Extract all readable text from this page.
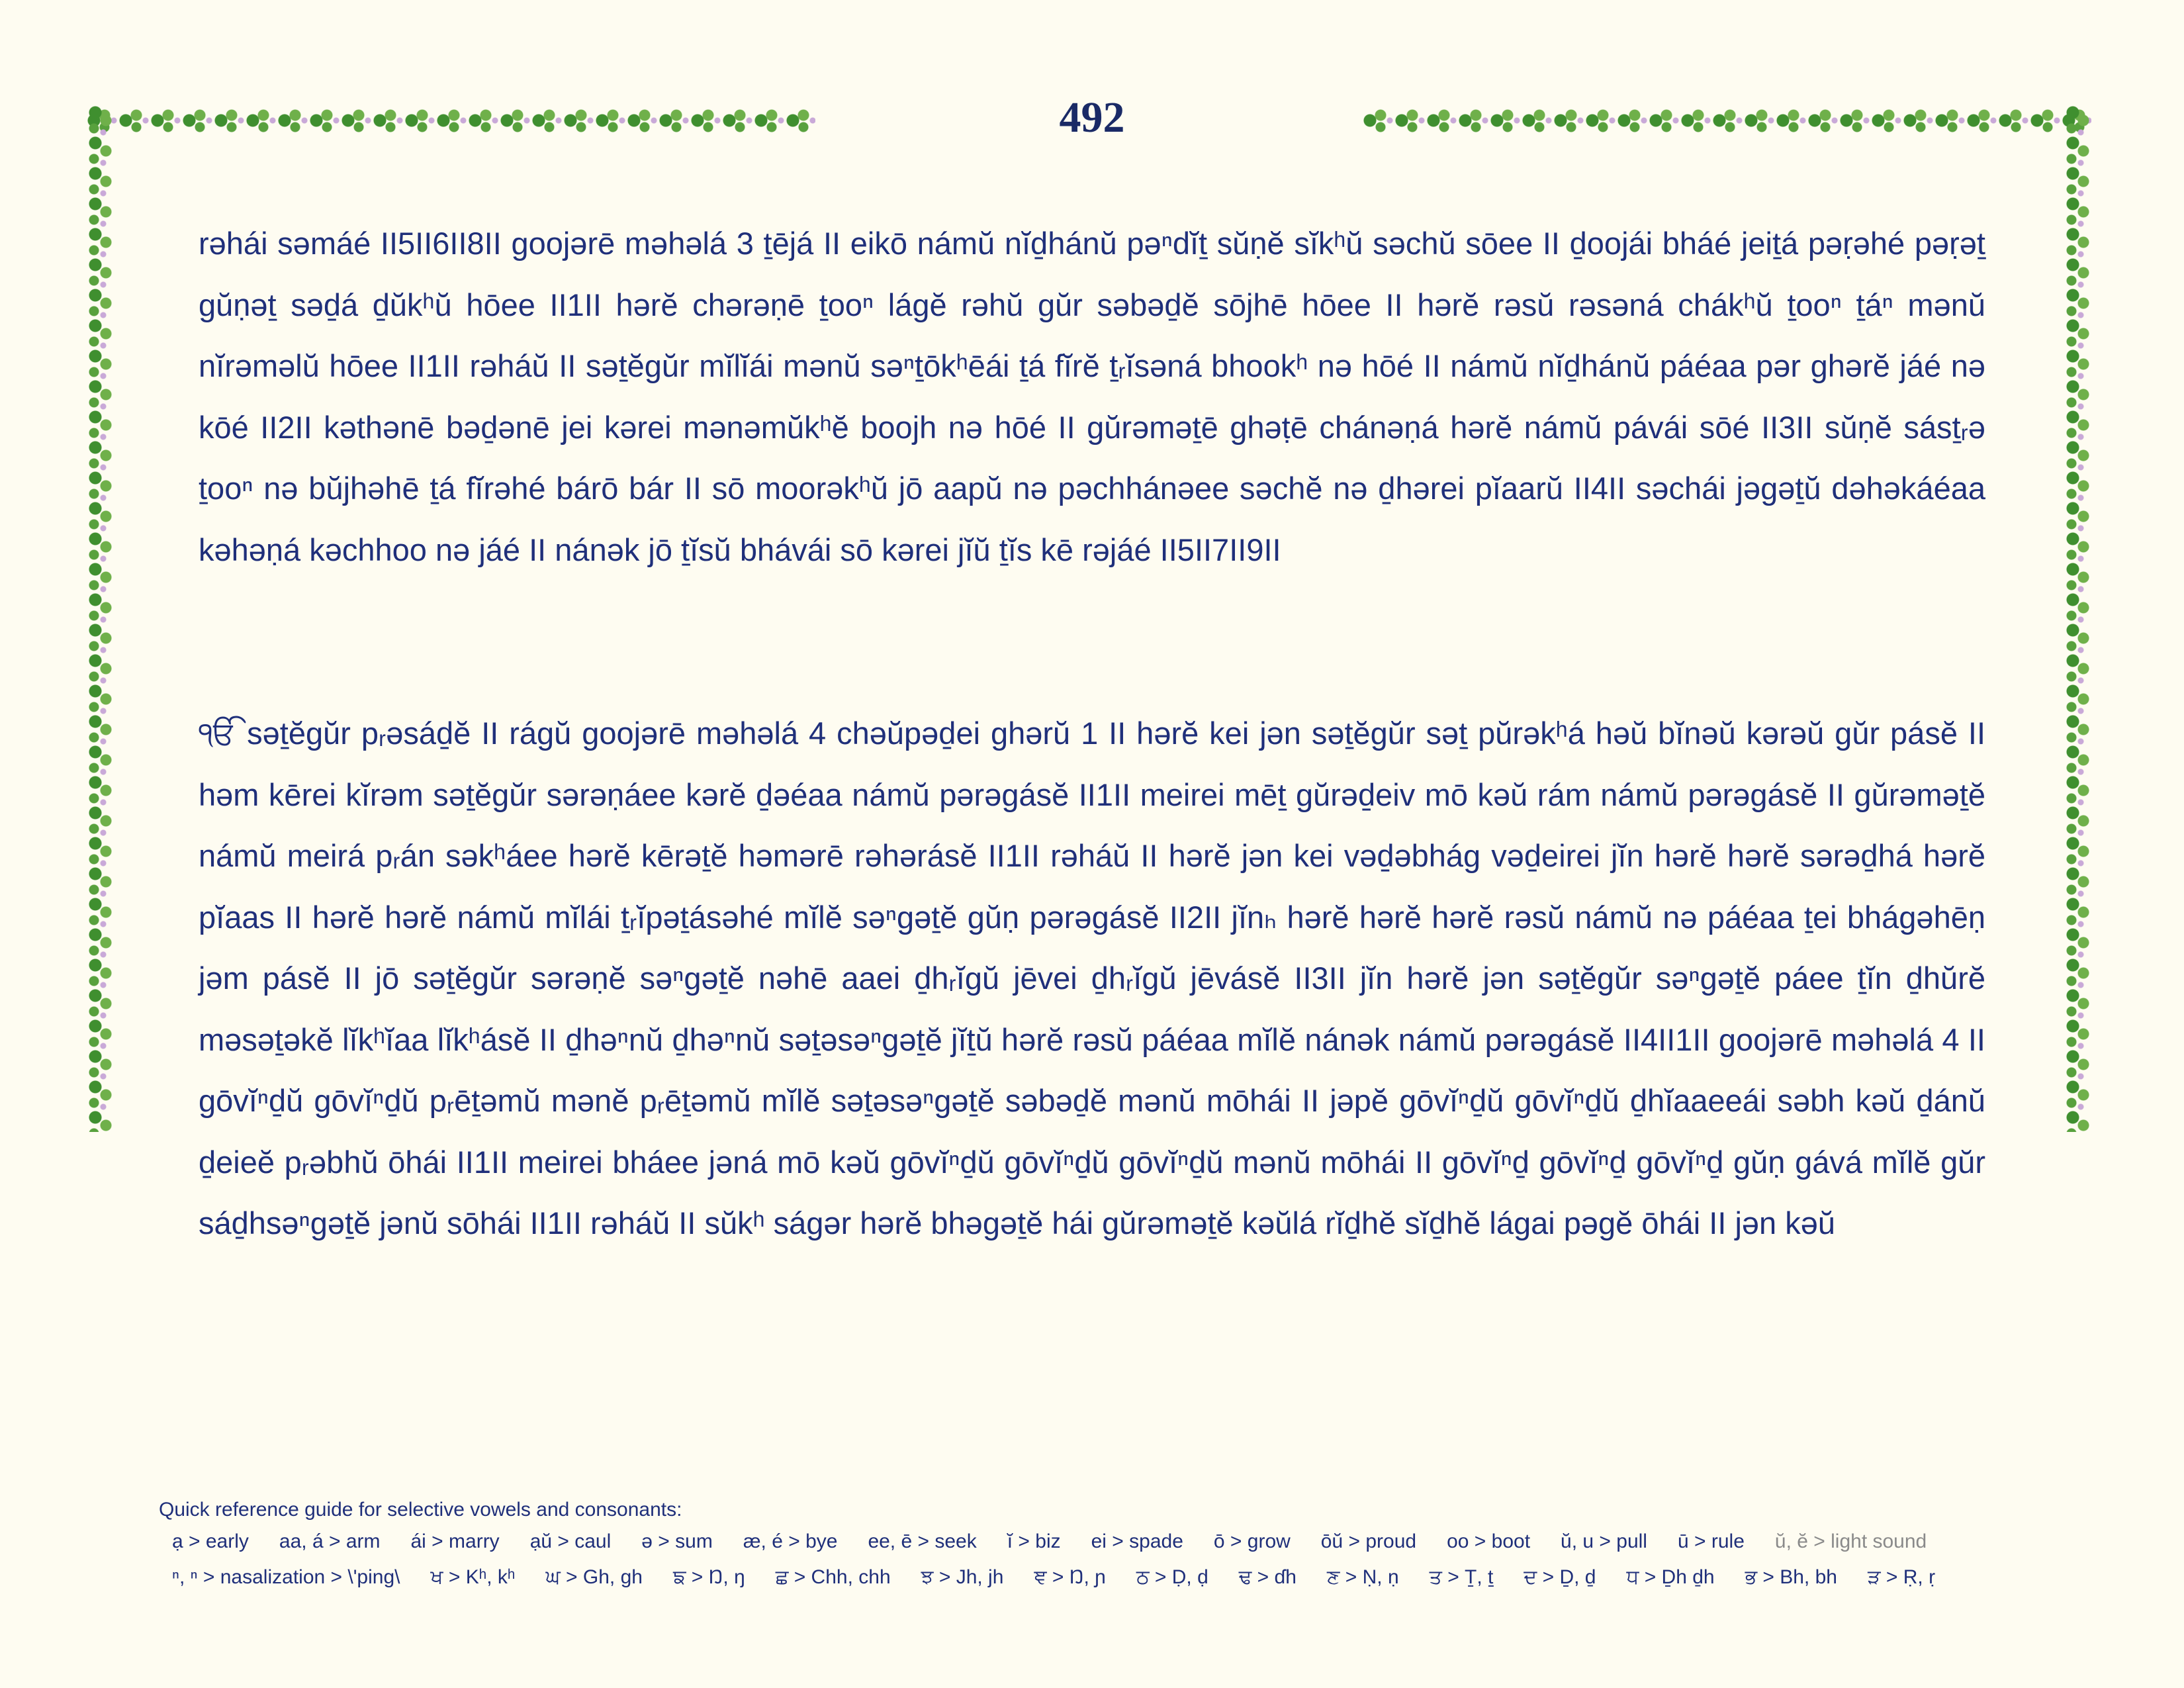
492
rəhái səmáé II5II6II8II goojərē məhəlá 3 ṯējá II eikō námŭ nĭḏhánŭ pəⁿdĭṯ sŭṇĕ sĭkʰŭ səchŭ sōee II ḏoojái bháé jeiṯá pəṛəhé pəṛəṯ gŭṇəṯ səḏá ḏŭkʰŭ hōee II1II hərĕ chərəṇē ṯooⁿ lágĕ rəhŭ gŭr səbəḏĕ sōjhē hōee II hərĕ rəsŭ rəsəná chákʰŭ ṯooⁿ ṯáⁿ mənŭ nĭrəməlŭ hōee II1II rəháŭ II səṯĕgŭr mĭlĭái mənŭ səⁿṯōkʰēái ṯá fĭrĕ ṯᵣĭsəná bhookʰ nə hōé II námŭ nĭḏhánŭ páéaa pər ghərĕ jáé nə kōé II2II kəthənē bəḏənē jei kərei mənəmŭkʰĕ boojh nə hōé II gŭrəməṯē ghəṭē chánəṇá hərĕ námŭ pávái sōé II3II sŭṇĕ sásṯᵣə ṯooⁿ nə bŭjhəhē ṯá fĭrəhé bárō bár II sō moorəkʰŭ jō aapŭ nə pəchhánəee səchĕ nə ḏhərei pĭaarŭ II4II səchái jəgəṯŭ dəhəkáéaa kəhəṇá kəchhoo nə jáé II nánək jō ṯĭsŭ bhávái sō kərei jĭŭ ṯĭs kē rəjáé II5II7II9II
ੴ səṯĕgŭr pᵣəsáḏĕ II rágŭ goojərē məhəlá 4 chəŭpəḏei ghərŭ 1 II hərĕ kei jən səṯĕgŭr səṯ pŭrəkʰá həŭ bĭnəŭ kərəŭ gŭr pásĕ II həm kērei kĭrəm səṯĕgŭr sərəṇáee kərĕ ḏəéaa námŭ pərəgásĕ II1II meirei mēṯ gŭrəḏeiv mō kəŭ rám námŭ pərəgásĕ II gŭrəməṯĕ námŭ meirá pᵣán səkʰáee hərĕ kērəṯĕ həmərē rəhərásĕ II1II rəháŭ II hərĕ jən kei vəḏəbhág vəḏeirei jĭn hərĕ hərĕ sərəḏhá hərĕ pĭaas II hərĕ hərĕ námŭ mĭlái ṯᵣĭpəṯásəhé mĭlĕ səⁿgəṯĕ gŭṇ pərəgásĕ II2II jĭnₕ hərĕ hərĕ hərĕ rəsŭ námŭ nə páéaa ṯei bhágəhēṇ jəm pásĕ II jō səṯĕgŭr sərəṇĕ səⁿgəṯĕ nəhē aaei ḏhᵣĭgŭ jēvei ḏhᵣĭgŭ jēvásĕ II3II jĭn hərĕ jən səṯĕgŭr səⁿgəṯĕ páee ṯĭn ḏhŭrĕ məsəṯəkĕ lĭkʰĭaa lĭkʰásĕ II ḏhəⁿnŭ ḏhəⁿnŭ səṯəsəⁿgəṯĕ jĭṯŭ hərĕ rəsŭ páéaa mĭlĕ nánək námŭ pərəgásĕ II4II1II goojərē məhəlá 4 II gōvĭⁿḏŭ gōvĭⁿḏŭ pᵣēṯəmŭ mənĕ pᵣēṯəmŭ mĭlĕ səṯəsəⁿgəṯĕ səbəḏĕ mənŭ mōhái II jəpĕ gōvĭⁿḏŭ gōvĭⁿḏŭ ḏhĭaaeeái səbh kəŭ ḏánŭ ḏeieĕ pᵣəbhŭ ōhái II1II meirei bháee jəná mō kəŭ gōvĭⁿḏŭ gōvĭⁿḏŭ gōvĭⁿḏŭ mənŭ mōhái II gōvĭⁿḏ gōvĭⁿḏ gōvĭⁿḏ gŭṇ gává mĭlĕ gŭr sáḏhsəⁿgəṯĕ jənŭ sōhái II1II rəháŭ II sŭkʰ ságər hərĕ bhəgəṯĕ hái gŭrəməṯĕ kəŭlá rĭḏhĕ sĭḏhĕ lágai pəgĕ ōhái II jən kəŭ
Quick reference guide for selective vowels and consonants:
ạ > early aa, á > arm ái > marry ạŭ > caul ə > sum æ, é > bye ee, ē > seek ĭ > biz ei > spade ō > grow ōŭ > proud oo > boot ŭ, u > pull ū > rule ŭ, ĕ > light sound
ⁿ, ⁿ > nasalization > \'ping\ ਖ > Kʰ, kʰ ਘ > Gh, gh ਙ > Ŋ, ŋ ਛ > Chh, chh ਝ > Jh, jh ਞ > Ŋ, ɲ ਠ > Ḍ, ḍ ਢ > ɗh ਣ > Ṇ, ṇ ਤ > Ṯ, ṯ ਦ > Ḏ, ḏ ਧ > Ḏh ḏh ਭ > Bh, bh ੜ > Ṛ, ṛ
